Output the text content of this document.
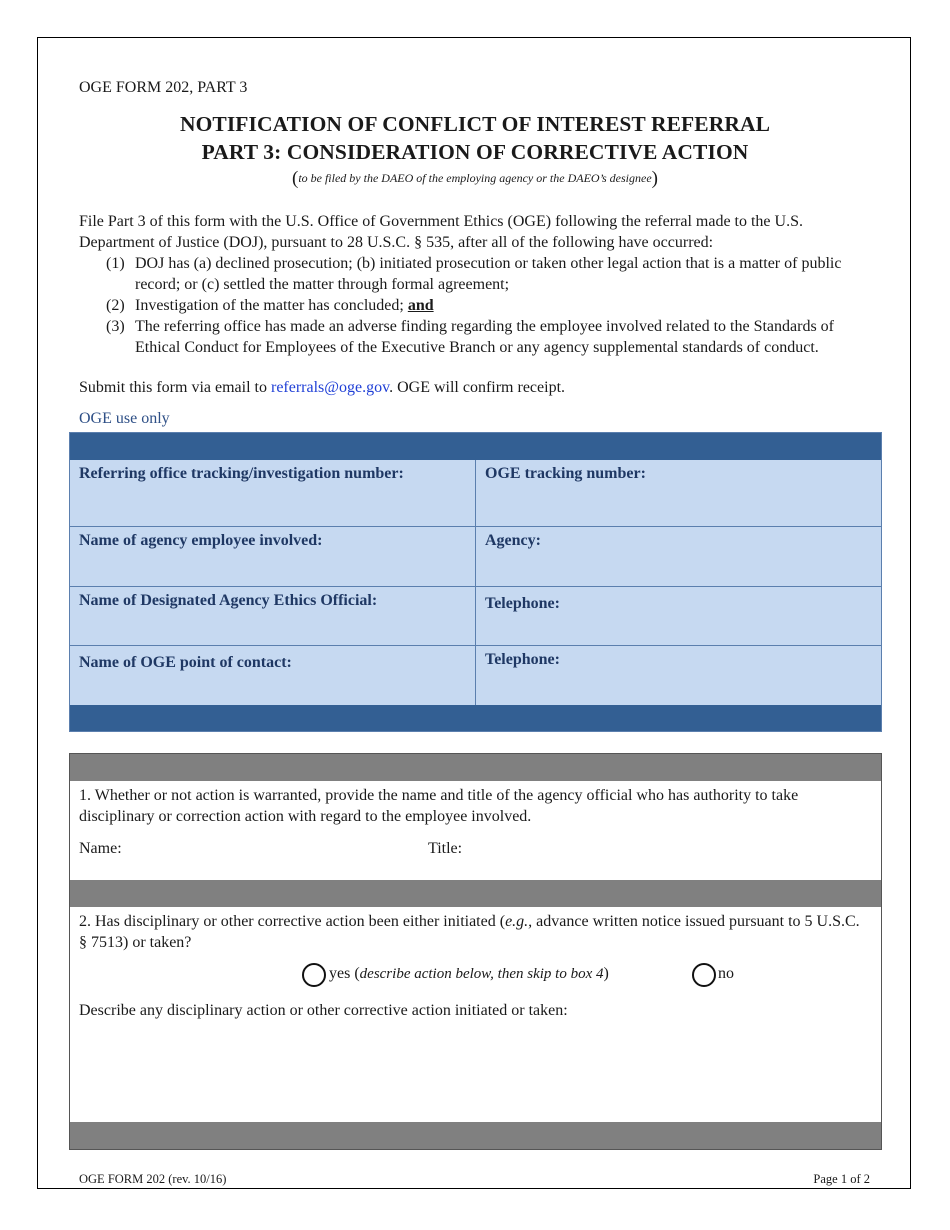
OGE FORM 202, PART 3
NOTIFICATION OF CONFLICT OF INTEREST REFERRAL
PART 3: CONSIDERATION OF CORRECTIVE ACTION
(to be filed by the DAEO of the employing agency or the DAEO’s designee)
File Part 3 of this form with the U.S. Office of Government Ethics (OGE) following the referral made to the U.S. Department of Justice (DOJ), pursuant to 28 U.S.C. § 535, after all of the following have occurred:
(1) DOJ has (a) declined prosecution; (b) initiated prosecution or taken other legal action that is a matter of public record; or (c) settled the matter through formal agreement;
(2) Investigation of the matter has concluded; and
(3) The referring office has made an adverse finding regarding the employee involved related to the Standards of Ethical Conduct for Employees of the Executive Branch or any agency supplemental standards of conduct.
Submit this form via email to referrals@oge.gov. OGE will confirm receipt.
OGE use only
Referring office tracking/investigation number:	OGE tracking number:
Name of agency employee involved:	Agency:
Name of Designated Agency Ethics Official:	Telephone:
Name of OGE point of contact:	Telephone:
1. Whether or not action is warranted, provide the name and title of the agency official who has authority to take disciplinary or correction action with regard to the employee involved.
Name:	Title:
2. Has disciplinary or other corrective action been either initiated (e.g., advance written notice issued pursuant to 5 U.S.C. § 7513) or taken?
yes (describe action below, then skip to box 4)	no
Describe any disciplinary action or other corrective action initiated or taken:
OGE FORM 202 (rev. 10/16)	Page 1 of 2
